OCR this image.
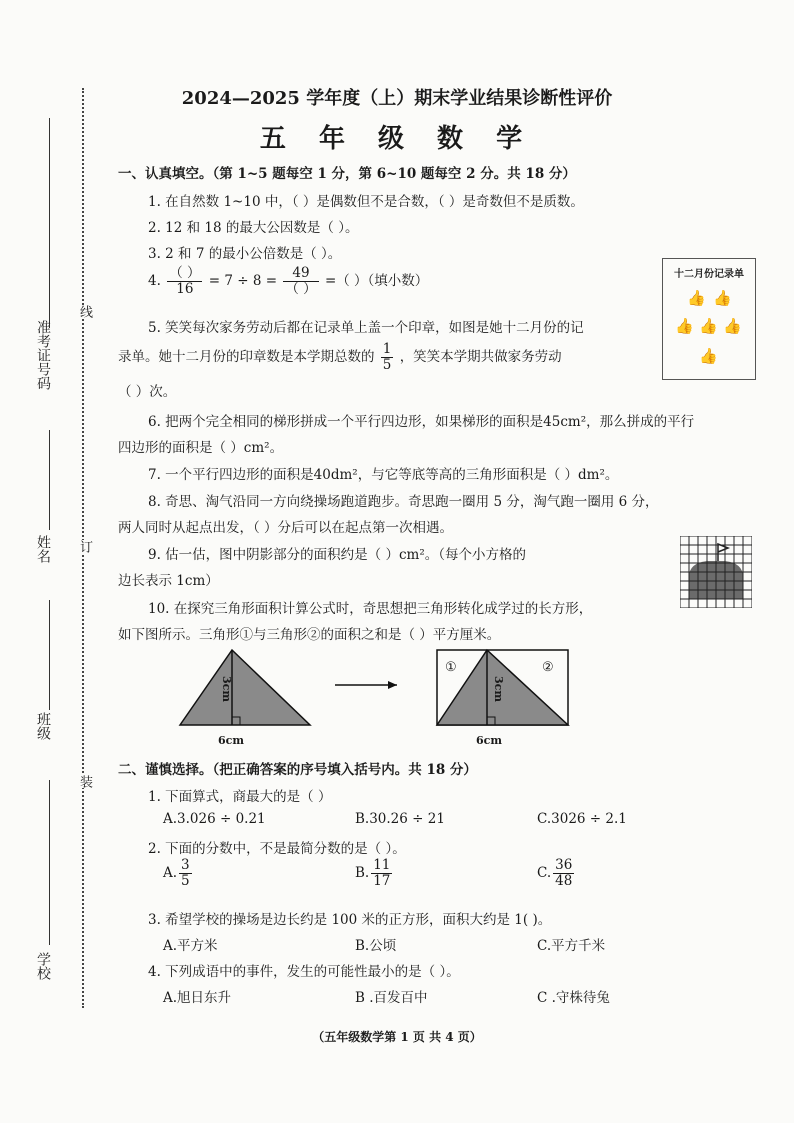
2024—2025 学年度（上）期末学业结果诊断性评价
五 年 级 数 学
准考证号码
姓名
班级
学校
线
订
装
一、认真填空。（第 1~5 题每空 1 分，第 6~10 题每空 2 分。共 18 分）
1. 在自然数 1~10 中，（ ）是偶数但不是合数，（ ）是奇数但不是质数。
2. 12 和 18 的最大公因数是（ ）。
3. 2 和 7 的最小公倍数是（ ）。
4. $\frac{( )}{16} = 7 \div 8 = \frac{49}{( )}$ =（ ）（填小数）
5. 笑笑每次家务劳动后都在记录单上盖一个印章，如图是她十二月份的记
录单。她十二月份的印章数是本学期总数的 $\frac{1}{5}$ ，笑笑本学期共做家务劳动
（ ）次。
十二月份记录单
👍 👍
👍 👍 👍
👍
6. 把两个完全相同的梯形拼成一个平行四边形，如果梯形的面积是45cm²，那么拼成的平行
四边形的面积是（ ）cm²。
7. 一个平行四边形的面积是40dm²，与它等底等高的三角形面积是（ ）dm²。
8. 奇思、淘气沿同一方向绕操场跑道跑步。奇思跑一圈用 5 分，淘气跑一圈用 6 分，
两人同时从起点出发，（ ）分后可以在起点第一次相遇。
9. 估一估，图中阴影部分的面积约是（ ）cm²。（每个小方格的
边长表示 1cm）
10. 在探究三角形面积计算公式时，奇思想把三角形转化成学过的长方形，
如下图所示。三角形①与三角形②的面积之和是（ ）平方厘米。
3cm
6cm
①	②
3cm
6cm
二、谨慎选择。（把正确答案的序号填入括号内。共 18 分）
1. 下面算式，商最大的是（ ）
A.3.026 ÷ 0.21	B.30.26 ÷ 21	C.3026 ÷ 2.1
2. 下面的分数中，不是最简分数的是（ ）。
A. $\frac{3}{5}$	B. $\frac{11}{17}$	C. $\frac{36}{48}$
3. 希望学校的操场是边长约是 100 米的正方形，面积大约是 1( )。
A.平方米	B.公顷	C.平方千米
4. 下列成语中的事件，发生的可能性最小的是（ ）。
A.旭日东升	B .百发百中	C .守株待兔
（五年级数学第 1 页 共 4 页）
